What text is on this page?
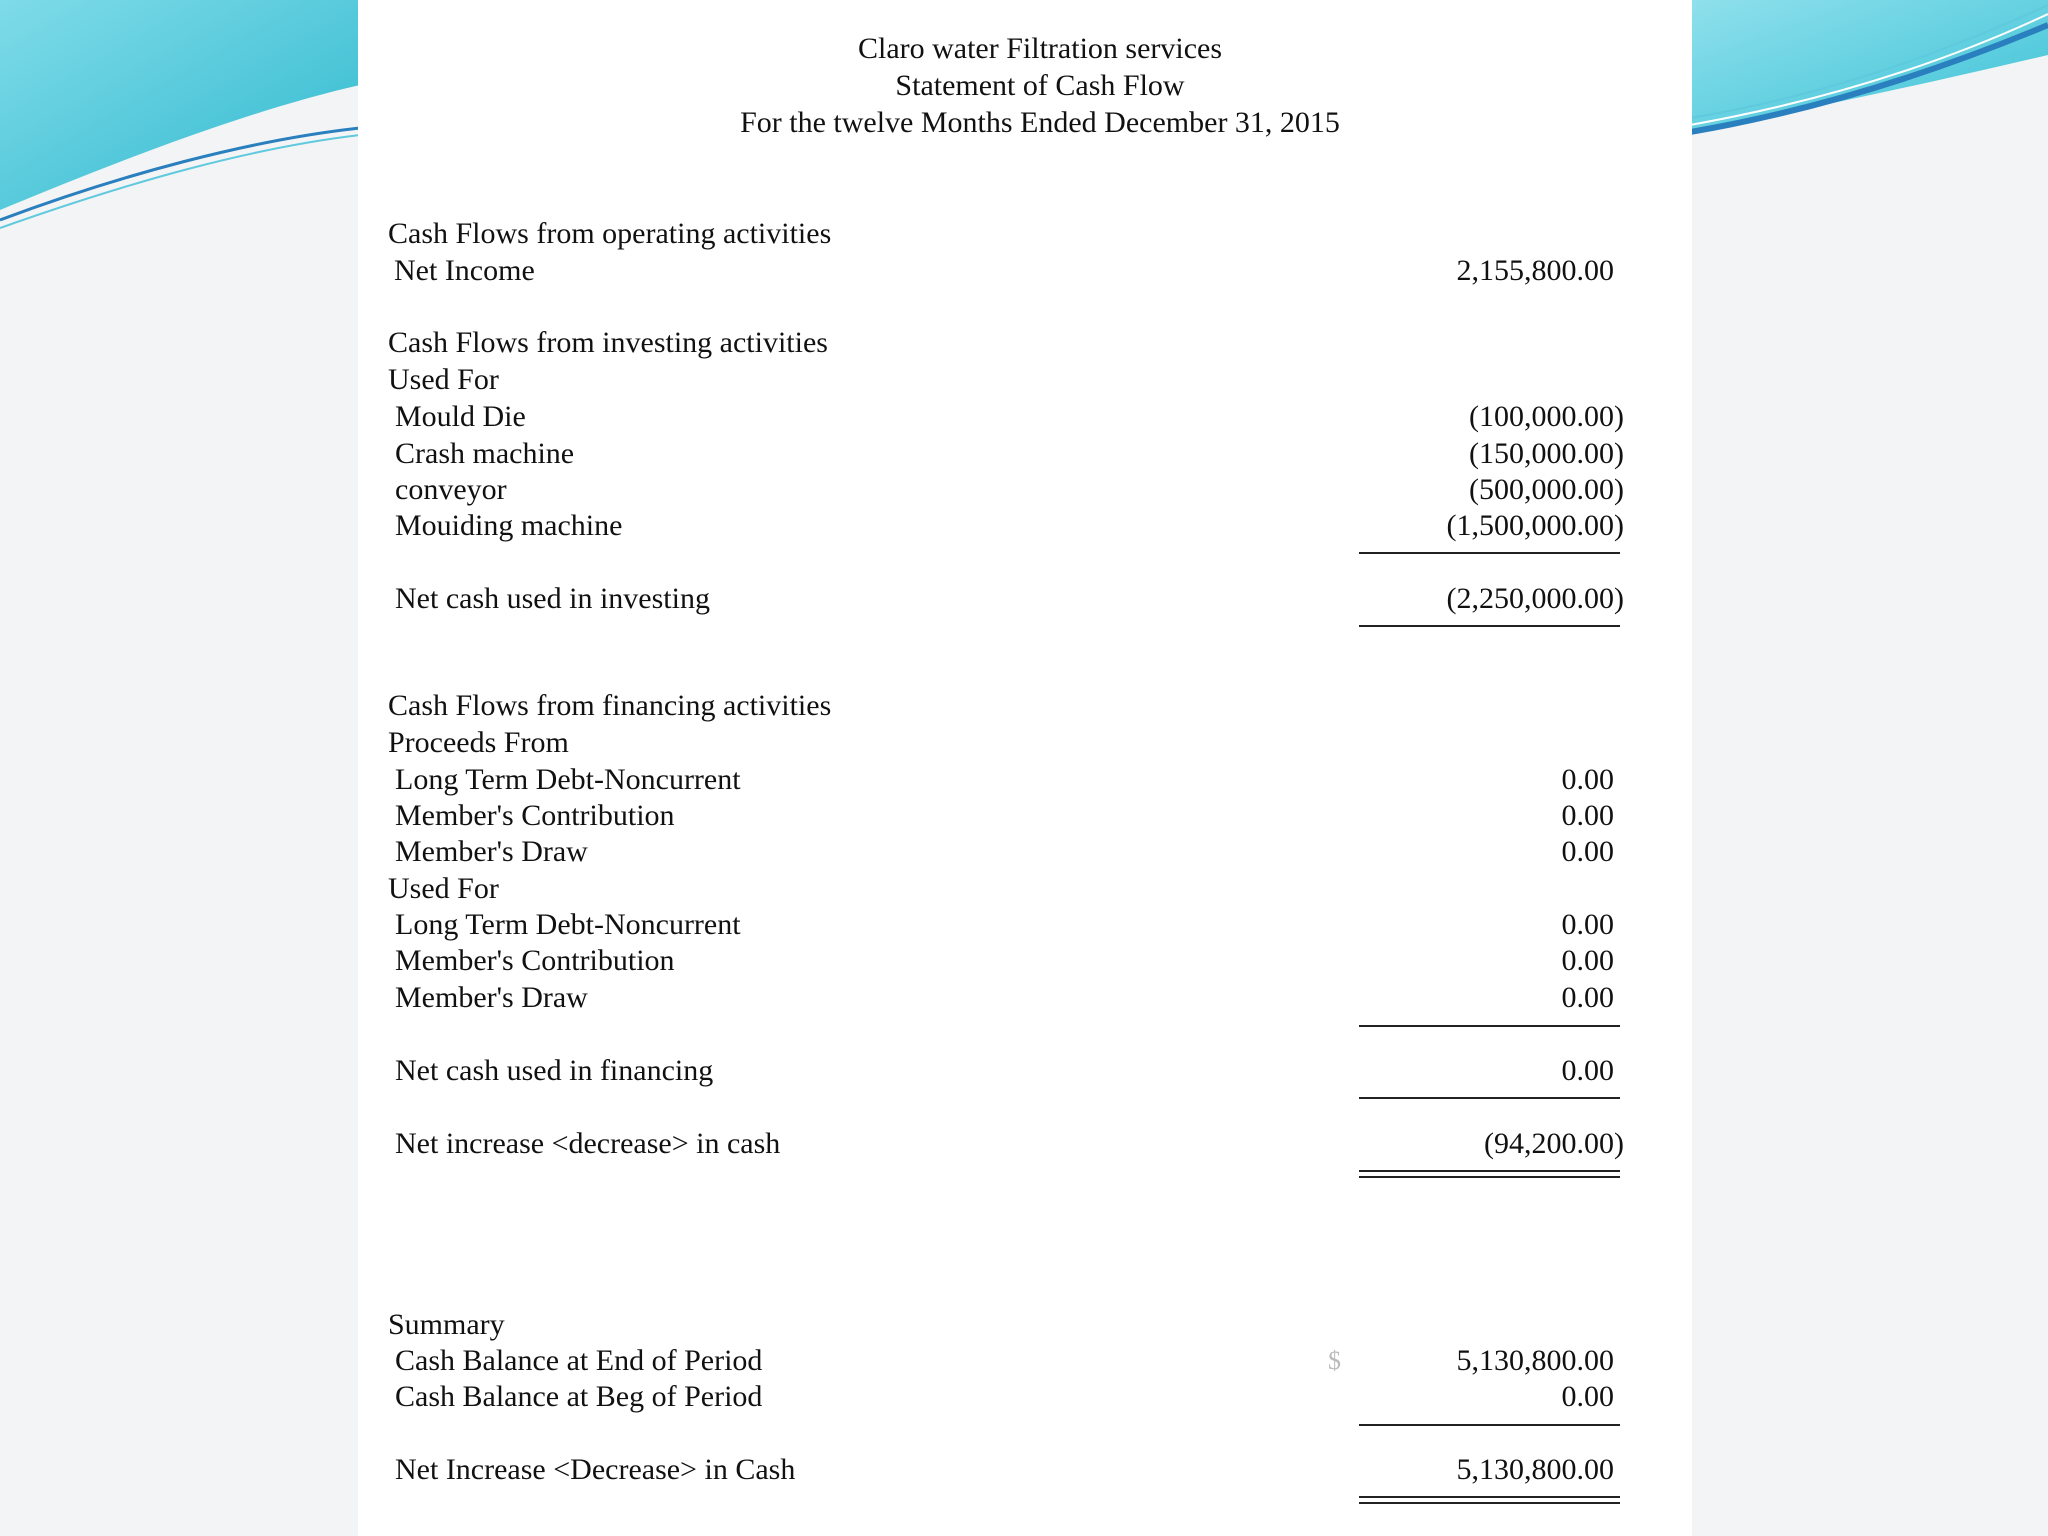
Claro water Filtration services
Statement of Cash Flow
For the twelve Months Ended December 31, 2015
Cash Flows from operating activities
Net Income	2,155,800.00
Cash Flows from investing activities
Used For
Mould Die	(100,000.00)
Crash machine	(150,000.00)
conveyor	(500,000.00)
Mouiding machine	(1,500,000.00)
Net cash used in investing	(2,250,000.00)
Cash Flows from financing activities
Proceeds From
Long Term Debt-Noncurrent	0.00
Member's Contribution	0.00
Member's Draw	0.00
Used For
Long Term Debt-Noncurrent	0.00
Member's Contribution	0.00
Member's Draw	0.00
Net cash used in financing	0.00
Net increase <decrease> in cash	(94,200.00)
Summary
Cash Balance at End of Period	$	5,130,800.00
Cash Balance at Beg of Period	0.00
Net Increase <Decrease> in Cash	5,130,800.00
